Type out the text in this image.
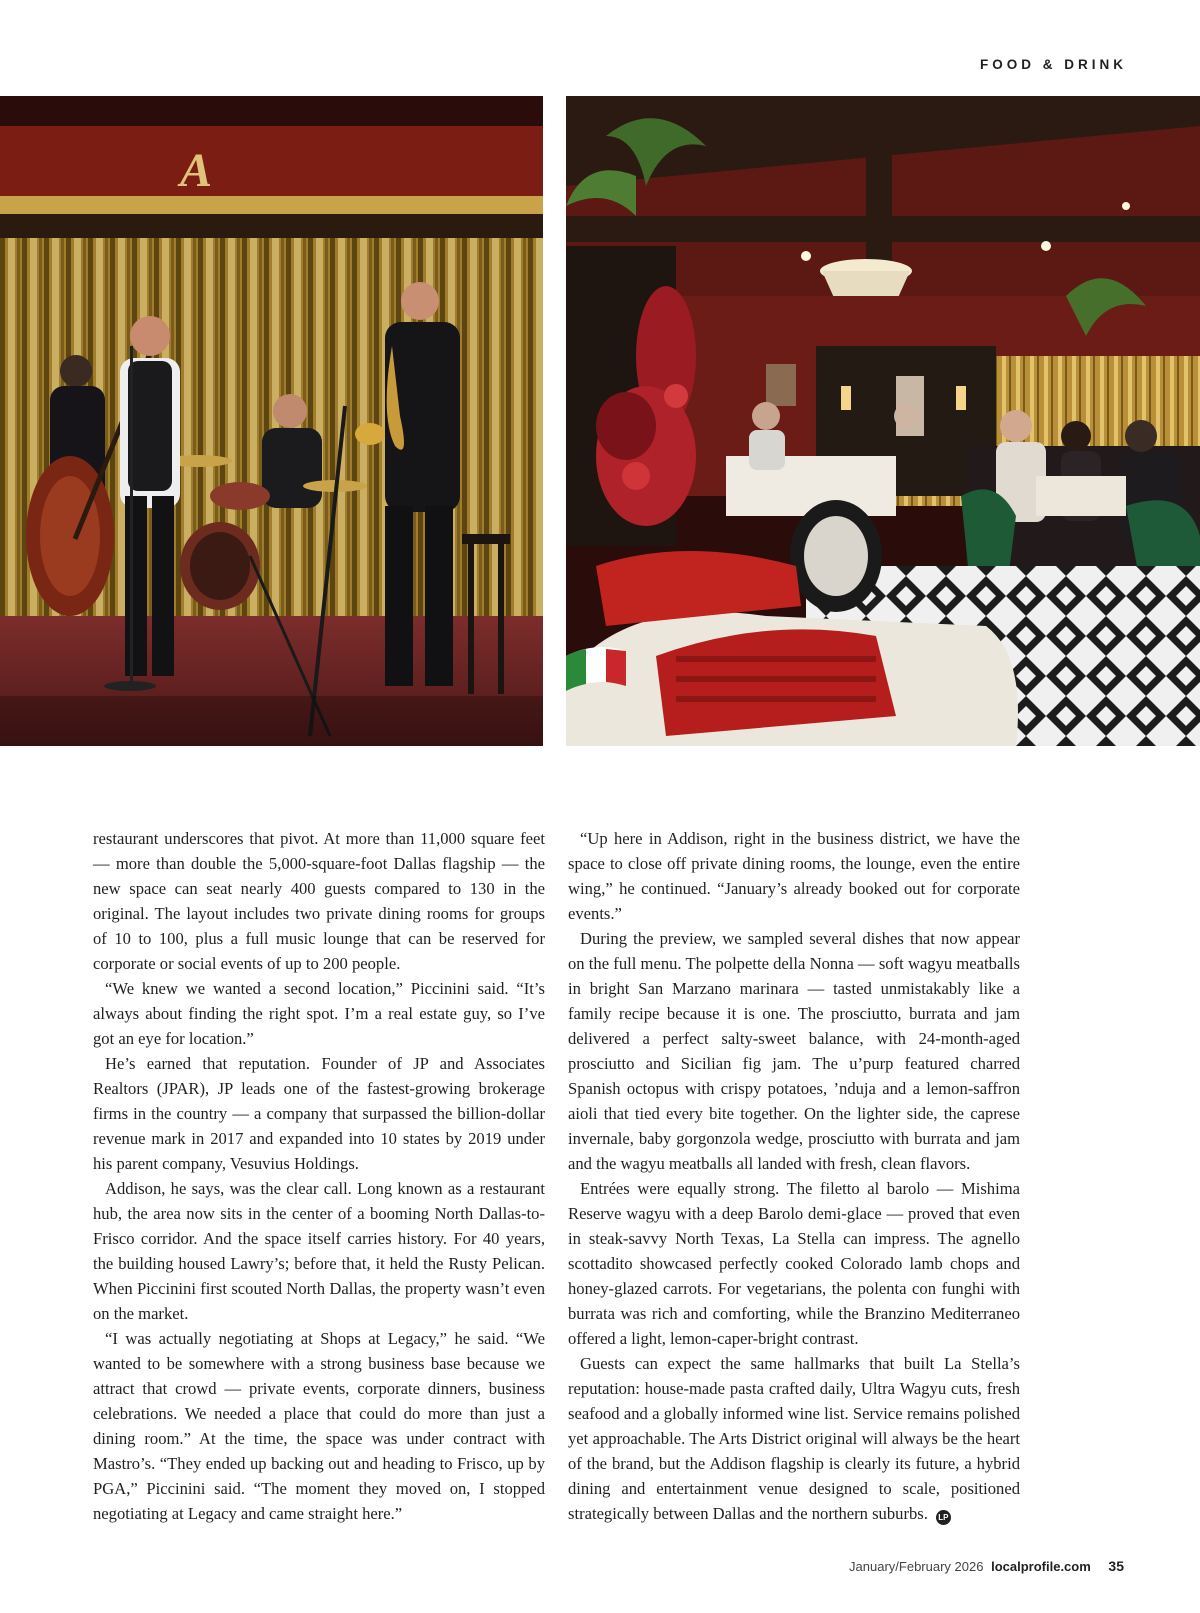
FOOD & DRINK
A

restaurant underscores that pivot. At more than 11,000 square feet — more than double the 5,000-square-foot Dallas flagship — the new space can seat nearly 400 guests compared to 130 in the original. The layout includes two private dining rooms for groups of 10 to 100, plus a full music lounge that can be reserved for corporate or social events of up to 200 people.

“We knew we wanted a second location,” Piccinini said. “It’s always about finding the right spot. I’m a real estate guy, so I’ve got an eye for location.”

He’s earned that reputation. Founder of JP and Associates Realtors (JPAR), JP leads one of the fastest-growing brokerage firms in the country — a company that surpassed the billion-dollar revenue mark in 2017 and expanded into 10 states by 2019 under his parent company, Vesuvius Holdings.

Addison, he says, was the clear call. Long known as a restaurant hub, the area now sits in the center of a booming North Dallas-to-Frisco corridor. And the space itself carries history. For 40 years, the building housed Lawry’s; before that, it held the Rusty Pelican. When Piccinini first scouted North Dallas, the property wasn’t even on the market.

“I was actually negotiating at Shops at Legacy,” he said. “We wanted to be somewhere with a strong business base because we attract that crowd — private events, corporate dinners, business celebrations. We needed a place that could do more than just a dining room.” At the time, the space was under contract with Mastro’s. “They ended up backing out and heading to Frisco, up by PGA,” Piccinini said. “The moment they moved on, I stopped negotiating at Legacy and came straight here.”

“Up here in Addison, right in the business district, we have the space to close off private dining rooms, the lounge, even the entire wing,” he continued. “January’s already booked out for corporate events.”

During the preview, we sampled several dishes that now appear on the full menu. The polpette della Nonna — soft wagyu meatballs in bright San Marzano marinara — tasted unmistakably like a family recipe because it is one. The prosciutto, burrata and jam delivered a perfect salty-sweet balance, with 24-month-aged prosciutto and Sicilian fig jam. The u’purp featured charred Spanish octopus with crispy potatoes, ’nduja and a lemon-saffron aioli that tied every bite together. On the lighter side, the caprese invernale, baby gorgonzola wedge, prosciutto with burrata and jam and the wagyu meatballs all landed with fresh, clean flavors.

Entrées were equally strong. The filetto al barolo — Mishima Reserve wagyu with a deep Barolo demi-glace — proved that even in steak-savvy North Texas, La Stella can impress. The agnello scottadito showcased perfectly cooked Colorado lamb chops and honey-glazed carrots. For vegetarians, the polenta con funghi with burrata was rich and comforting, while the Branzino Mediterraneo offered a light, lemon-caper-bright contrast.

Guests can expect the same hallmarks that built La Stella’s reputation: house-made pasta crafted daily, Ultra Wagyu cuts, fresh seafood and a globally informed wine list. Service remains polished yet approachable. The Arts District original will always be the heart of the brand, but the Addison flagship is clearly its future, a hybrid dining and entertainment venue designed to scale, positioned strategically between Dallas and the northern suburbs. LP

January/February 2026 localprofile.com 35
